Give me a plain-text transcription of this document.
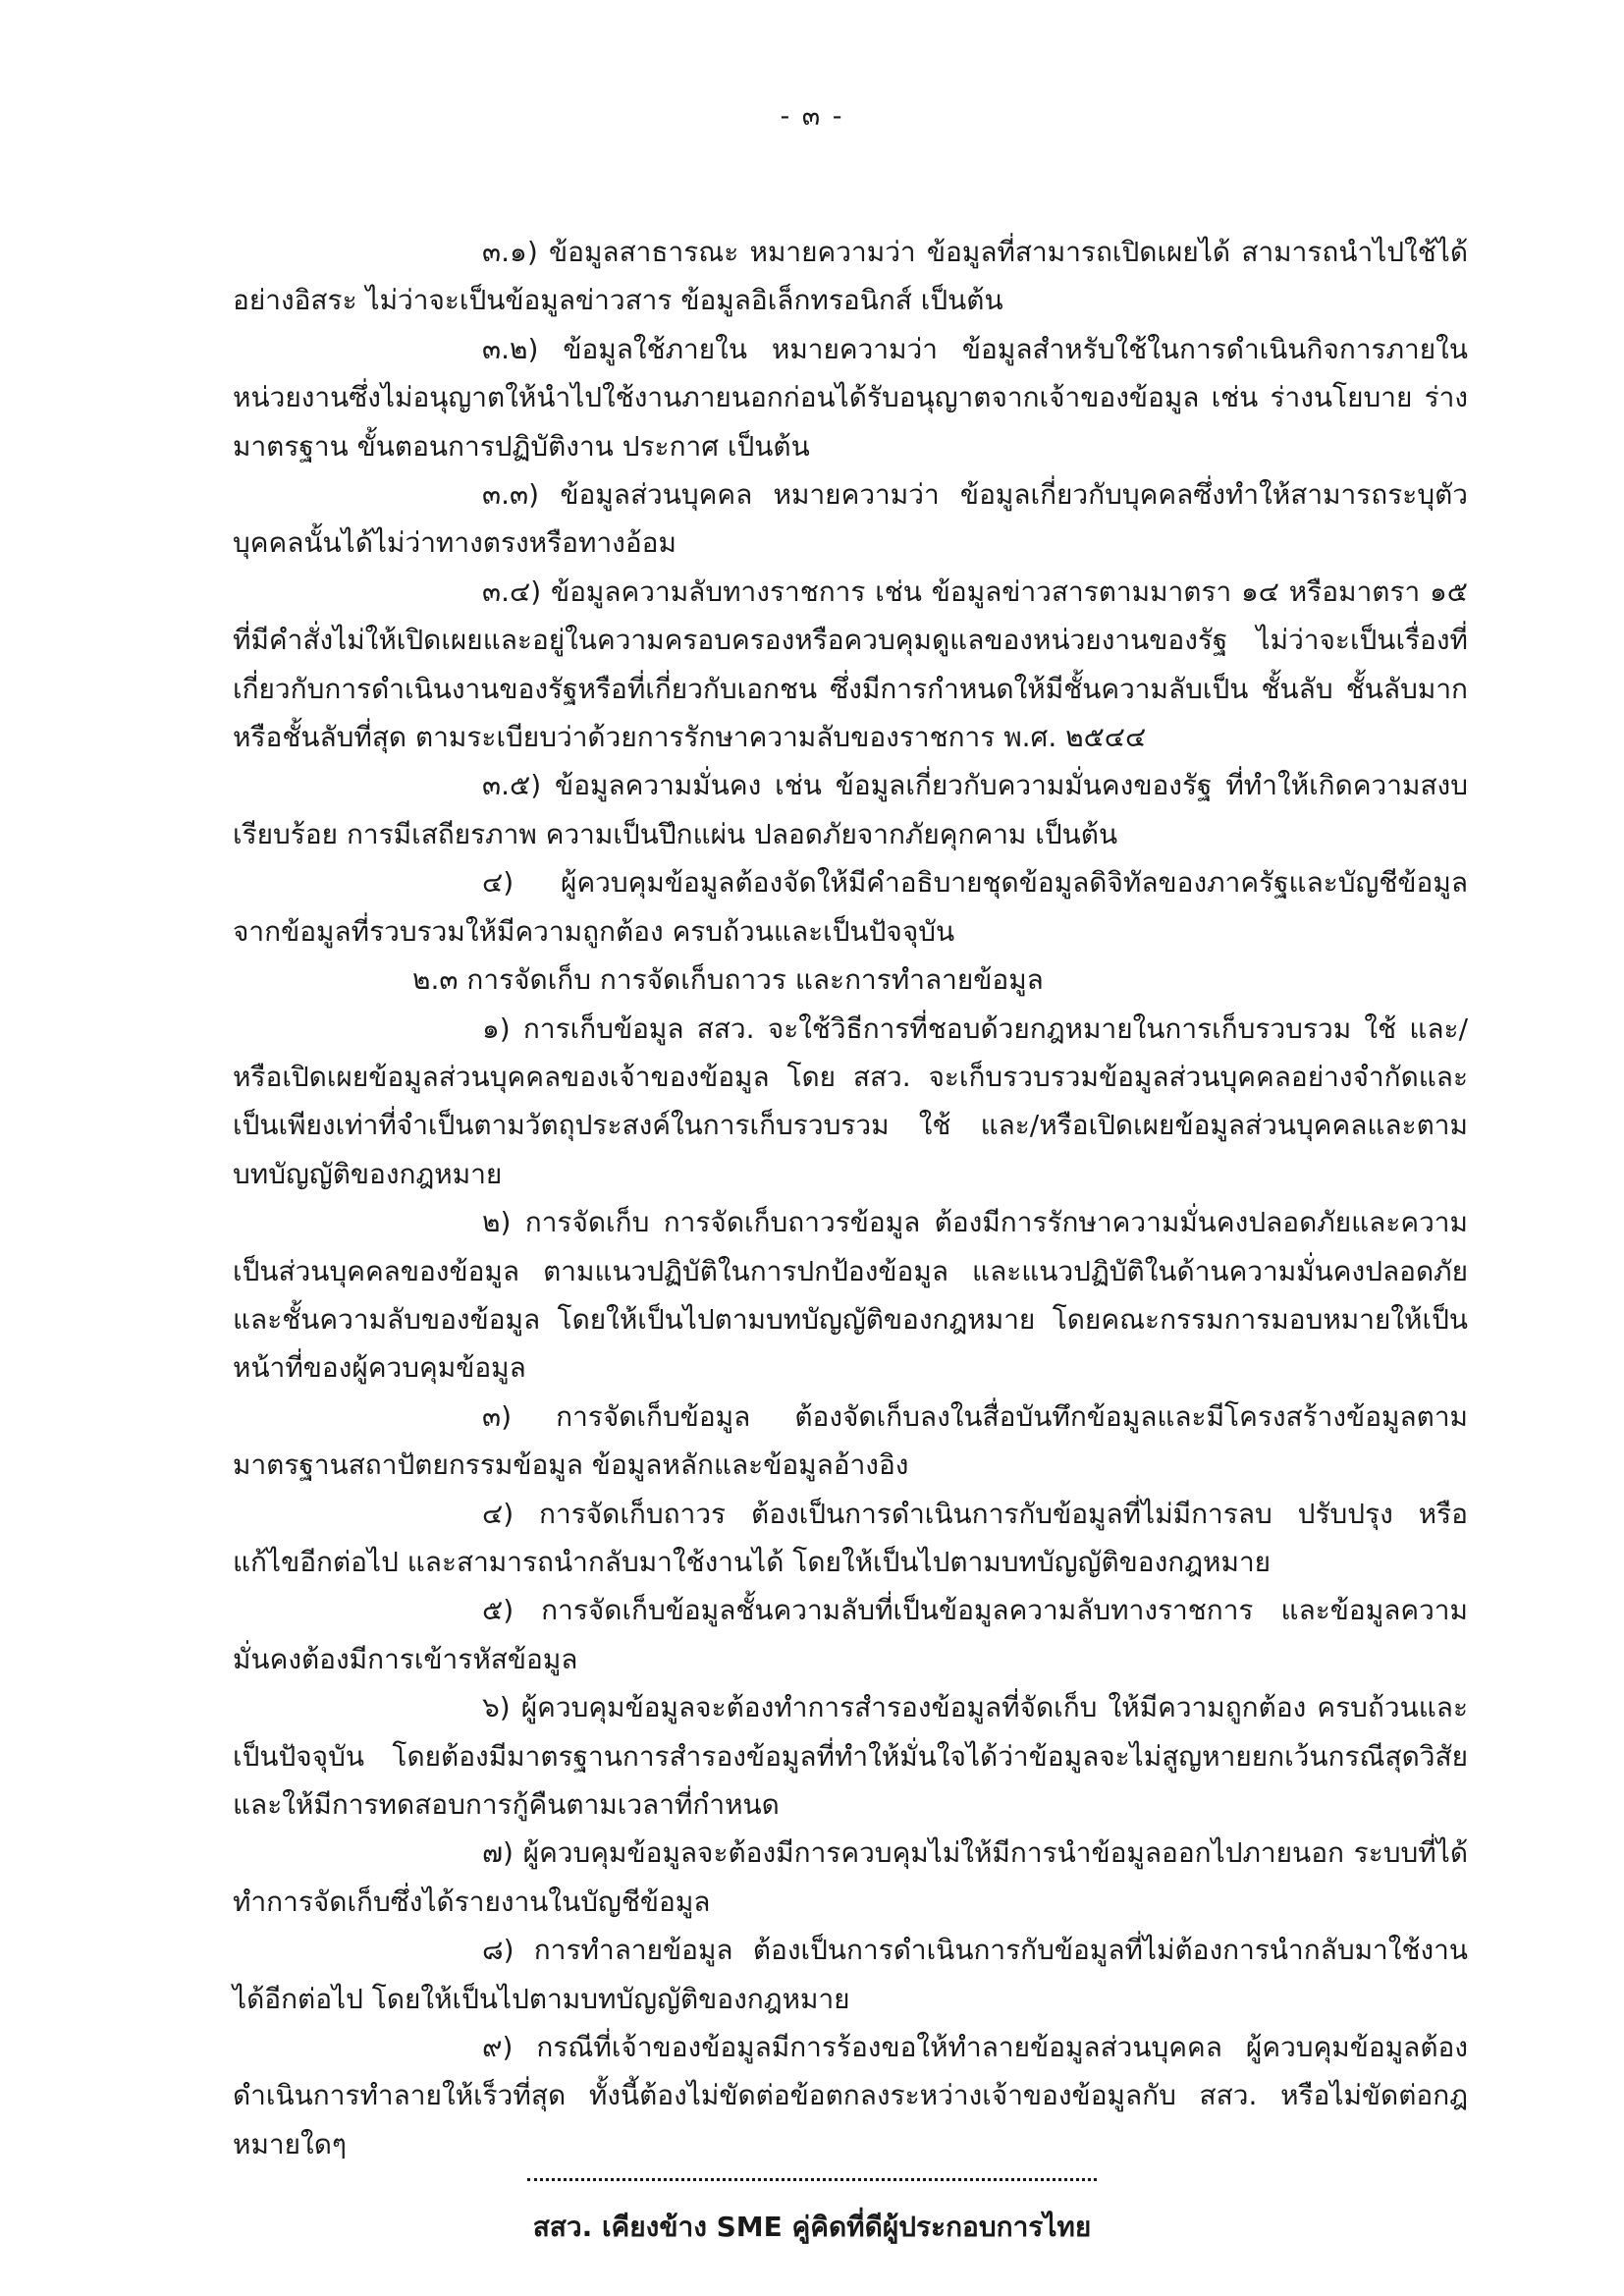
- ๓ -

๓.๑) ข้อมูลสาธารณะ หมายความว่า ข้อมูลที่สามารถเปิดเผยได้ สามารถนำไปใช้ได้อย่างอิสระ ไม่ว่าจะเป็นข้อมูลข่าวสาร ข้อมูลอิเล็กทรอนิกส์ เป็นต้น

๓.๒) ข้อมูลใช้ภายใน หมายความว่า ข้อมูลสำหรับใช้ในการดำเนินกิจการภายในหน่วยงานซึ่งไม่อนุญาตให้นำไปใช้งานภายนอกก่อนได้รับอนุญาตจากเจ้าของข้อมูล เช่น ร่างนโยบาย ร่างมาตรฐาน ขั้นตอนการปฏิบัติงาน ประกาศ เป็นต้น

๓.๓) ข้อมูลส่วนบุคคล หมายความว่า ข้อมูลเกี่ยวกับบุคคลซึ่งทำให้สามารถระบุตัวบุคคลนั้นได้ไม่ว่าทางตรงหรือทางอ้อม

๓.๔) ข้อมูลความลับทางราชการ เช่น ข้อมูลข่าวสารตามมาตรา ๑๔ หรือมาตรา ๑๕ ที่มีคำสั่งไม่ให้เปิดเผยและอยู่ในความครอบครองหรือควบคุมดูแลของหน่วยงานของรัฐ ไม่ว่าจะเป็นเรื่องที่เกี่ยวกับการดำเนินงานของรัฐหรือที่เกี่ยวกับเอกชน ซึ่งมีการกำหนดให้มีชั้นความลับเป็น ชั้นลับ ชั้นลับมาก หรือชั้นลับที่สุด ตามระเบียบว่าด้วยการรักษาความลับของราชการ พ.ศ. ๒๕๔๔

๓.๕) ข้อมูลความมั่นคง เช่น ข้อมูลเกี่ยวกับความมั่นคงของรัฐ ที่ทำให้เกิดความสงบเรียบร้อย การมีเสถียรภาพ ความเป็นปึกแผ่น ปลอดภัยจากภัยคุกคาม เป็นต้น

๔) ผู้ควบคุมข้อมูลต้องจัดให้มีคำอธิบายชุดข้อมูลดิจิทัลของภาครัฐและบัญชีข้อมูลจากข้อมูลที่รวบรวมให้มีความถูกต้อง ครบถ้วนและเป็นปัจจุบัน

๒.๓ การจัดเก็บ การจัดเก็บถาวร และการทำลายข้อมูล

๑) การเก็บข้อมูล สสว. จะใช้วิธีการที่ชอบด้วยกฎหมายในการเก็บรวบรวม ใช้ และ/หรือเปิดเผยข้อมูลส่วนบุคคลของเจ้าของข้อมูล โดย สสว. จะเก็บรวบรวมข้อมูลส่วนบุคคลอย่างจำกัดและเป็นเพียงเท่าที่จำเป็นตามวัตถุประสงค์ในการเก็บรวบรวม ใช้ และ/หรือเปิดเผยข้อมูลส่วนบุคคลและตามบทบัญญัติของกฎหมาย

๒) การจัดเก็บ การจัดเก็บถาวรข้อมูล ต้องมีการรักษาความมั่นคงปลอดภัยและความเป็นส่วนบุคคลของข้อมูล ตามแนวปฏิบัติในการปกป้องข้อมูล และแนวปฏิบัติในด้านความมั่นคงปลอดภัยและชั้นความลับของข้อมูล โดยให้เป็นไปตามบทบัญญัติของกฎหมาย โดยคณะกรรมการมอบหมายให้เป็นหน้าที่ของผู้ควบคุมข้อมูล

๓) การจัดเก็บข้อมูล ต้องจัดเก็บลงในสื่อบันทึกข้อมูลและมีโครงสร้างข้อมูลตามมาตรฐานสถาปัตยกรรมข้อมูล ข้อมูลหลักและข้อมูลอ้างอิง

๔) การจัดเก็บถาวร ต้องเป็นการดำเนินการกับข้อมูลที่ไม่มีการลบ ปรับปรุง หรือแก้ไขอีกต่อไป และสามารถนำกลับมาใช้งานได้ โดยให้เป็นไปตามบทบัญญัติของกฎหมาย

๕) การจัดเก็บข้อมูลชั้นความลับที่เป็นข้อมูลความลับทางราชการ และข้อมูลความมั่นคงต้องมีการเข้ารหัสข้อมูล

๖) ผู้ควบคุมข้อมูลจะต้องทำการสำรองข้อมูลที่จัดเก็บ ให้มีความถูกต้อง ครบถ้วนและเป็นปัจจุบัน โดยต้องมีมาตรฐานการสำรองข้อมูลที่ทำให้มั่นใจได้ว่าข้อมูลจะไม่สูญหายยกเว้นกรณีสุดวิสัยและให้มีการทดสอบการกู้คืนตามเวลาที่กำหนด

๗) ผู้ควบคุมข้อมูลจะต้องมีการควบคุมไม่ให้มีการนำข้อมูลออกไปภายนอก ระบบที่ได้ทำการจัดเก็บซึ่งได้รายงานในบัญชีข้อมูล

๘) การทำลายข้อมูล ต้องเป็นการดำเนินการกับข้อมูลที่ไม่ต้องการนำกลับมาใช้งานได้อีกต่อไป โดยให้เป็นไปตามบทบัญญัติของกฎหมาย

๙) กรณีที่เจ้าของข้อมูลมีการร้องขอให้ทำลายข้อมูลส่วนบุคคล ผู้ควบคุมข้อมูลต้องดำเนินการทำลายให้เร็วที่สุด ทั้งนี้ต้องไม่ขัดต่อข้อตกลงระหว่างเจ้าของข้อมูลกับ สสว. หรือไม่ขัดต่อกฎหมายใดๆ

สสว. เคียงข้าง SME คู่คิดที่ดีผู้ประกอบการไทย
